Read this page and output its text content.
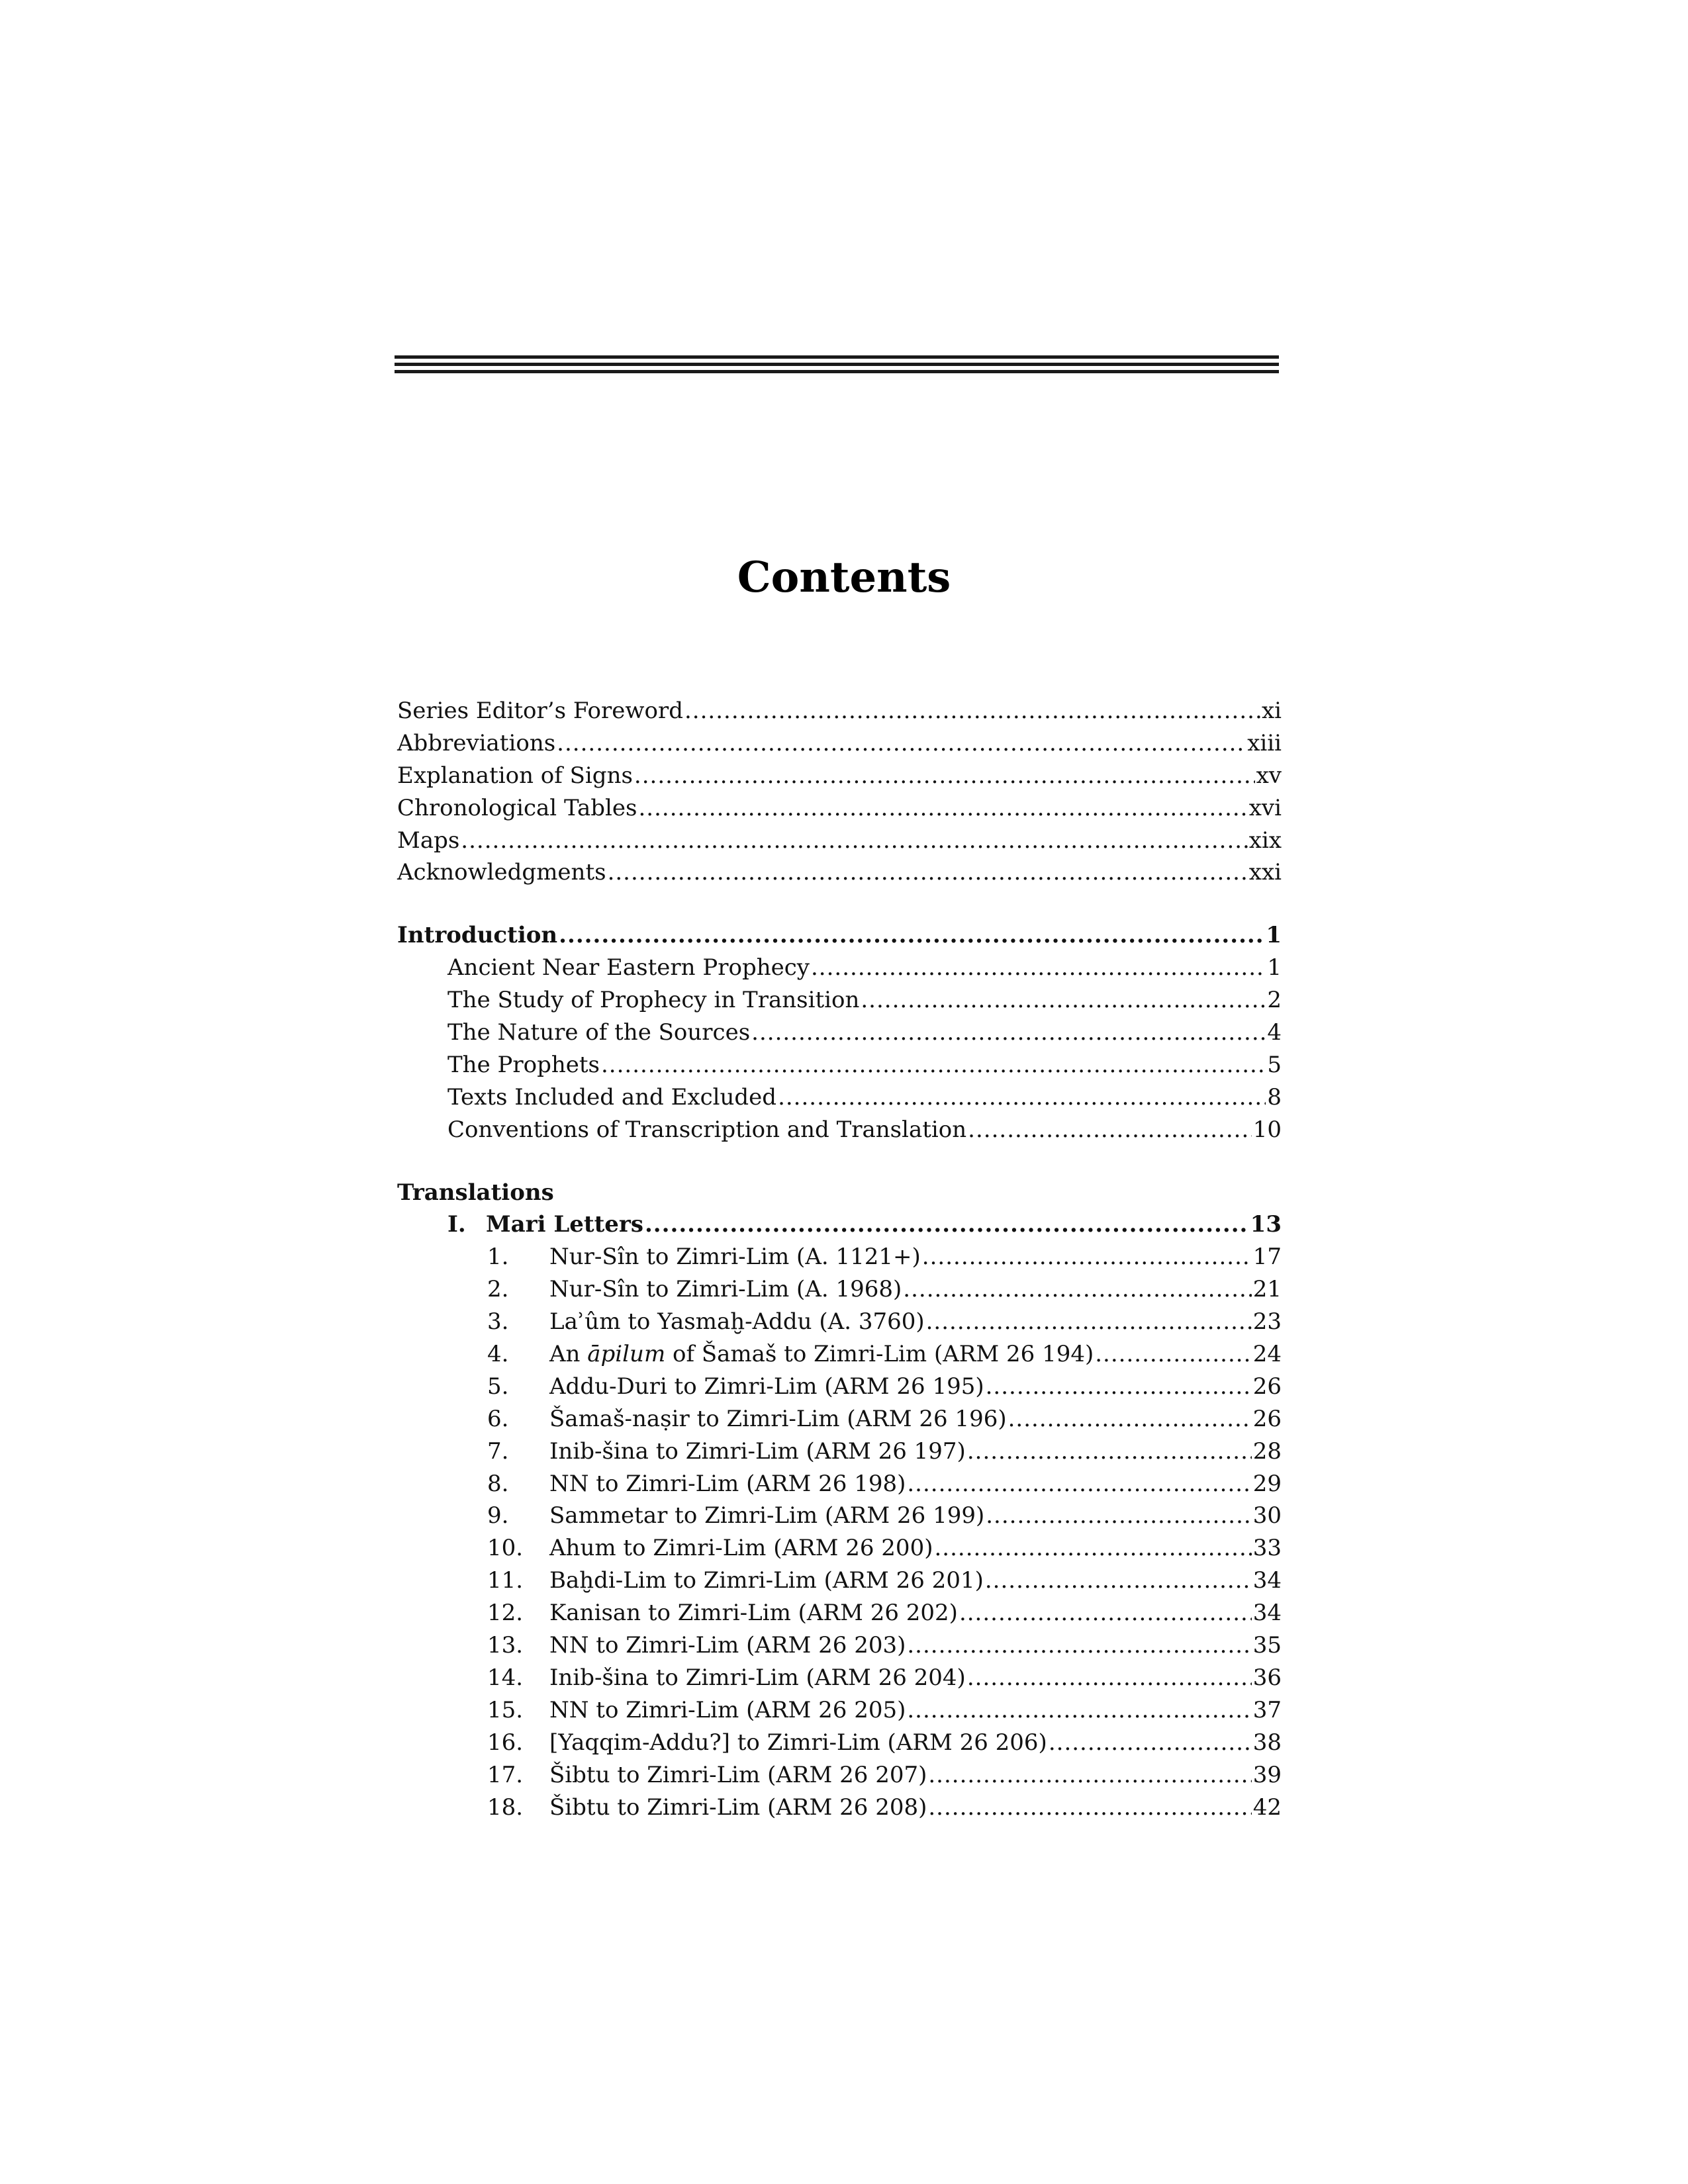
Contents
Series Editor’s Foreword .....	xi
Abbreviations .....	xiii
Explanation of Signs .....	xv
Chronological Tables .....	xvi
Maps .....	xix
Acknowledgments .....	xxi
Introduction .....	1
Ancient Near Eastern Prophecy .....	1
The Study of Prophecy in Transition .....	2
The Nature of the Sources .....	4
The Prophets .....	5
Texts Included and Excluded .....	8
Conventions of Transcription and Translation .....	10
Translations
I. Mari Letters .....	13
1. Nur-Sîn to Zimri-Lim (A. 1121+) .....	17
2. Nur-Sîn to Zimri-Lim (A. 1968) .....	21
3. Laʾûm to Yasmaḫ-Addu (A. 3760) .....	23
4. An āpilum of Šamaš to Zimri-Lim (ARM 26 194) .....	24
5. Addu-Duri to Zimri-Lim (ARM 26 195) .....	26
6. Šamaš-naṣir to Zimri-Lim (ARM 26 196) .....	26
7. Inib-šina to Zimri-Lim (ARM 26 197) .....	28
8. NN to Zimri-Lim (ARM 26 198) .....	29
9. Sammetar to Zimri-Lim (ARM 26 199) .....	30
10. Ahum to Zimri-Lim (ARM 26 200) .....	33
11. Baḫdi-Lim to Zimri-Lim (ARM 26 201) .....	34
12. Kanisan to Zimri-Lim (ARM 26 202) .....	34
13. NN to Zimri-Lim (ARM 26 203) .....	35
14. Inib-šina to Zimri-Lim (ARM 26 204) .....	36
15. NN to Zimri-Lim (ARM 26 205) .....	37
16. [Yaqqim-Addu?] to Zimri-Lim (ARM 26 206) .....	38
17. Šibtu to Zimri-Lim (ARM 26 207) .....	39
18. Šibtu to Zimri-Lim (ARM 26 208) .....	42
